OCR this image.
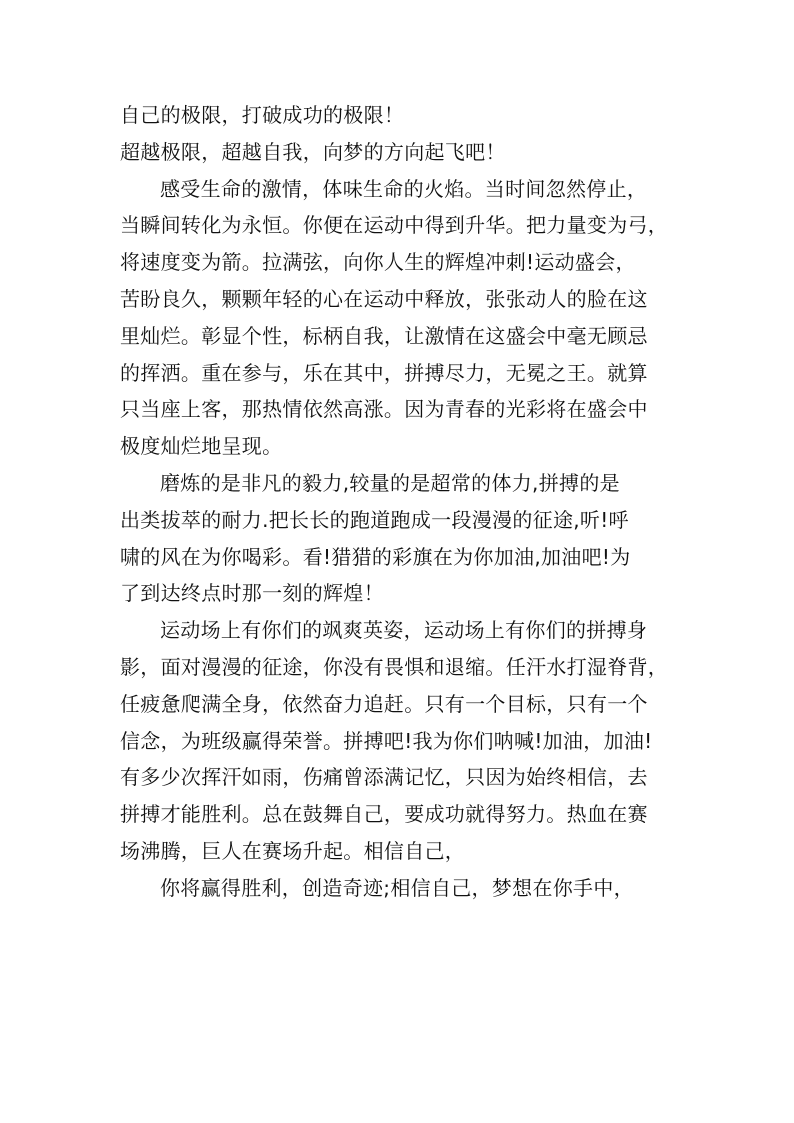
自己的极限，打破成功的极限！
超越极限，超越自我，向梦的方向起飞吧！
感受生命的激情，体味生命的火焰。当时间忽然停止，
当瞬间转化为永恒。你便在运动中得到升华。把力量变为弓，
将速度变为箭。拉满弦，向你人生的辉煌冲刺!运动盛会，
苦盼良久，颗颗年轻的心在运动中释放，张张动人的脸在这
里灿烂。彰显个性，标柄自我，让激情在这盛会中毫无顾忌
的挥洒。重在参与，乐在其中，拼搏尽力，无冕之王。就算
只当座上客，那热情依然高涨。因为青春的光彩将在盛会中
极度灿烂地呈现。
磨炼的是非凡的毅力,较量的是超常的体力,拼搏的是
出类拔萃的耐力.把长长的跑道跑成一段漫漫的征途,听!呼
啸的风在为你喝彩。看!猎猎的彩旗在为你加油,加油吧!为
了到达终点时那一刻的辉煌！
运动场上有你们的飒爽英姿，运动场上有你们的拼搏身
影，面对漫漫的征途，你没有畏惧和退缩。任汗水打湿脊背，
任疲惫爬满全身，依然奋力追赶。只有一个目标，只有一个
信念，为班级赢得荣誉。拼搏吧!我为你们呐喊!加油，加油!
有多少次挥汗如雨，伤痛曾添满记忆，只因为始终相信，去
拼搏才能胜利。总在鼓舞自己，要成功就得努力。热血在赛
场沸腾，巨人在赛场升起。相信自己，
你将赢得胜利，创造奇迹;相信自己，梦想在你手中，
